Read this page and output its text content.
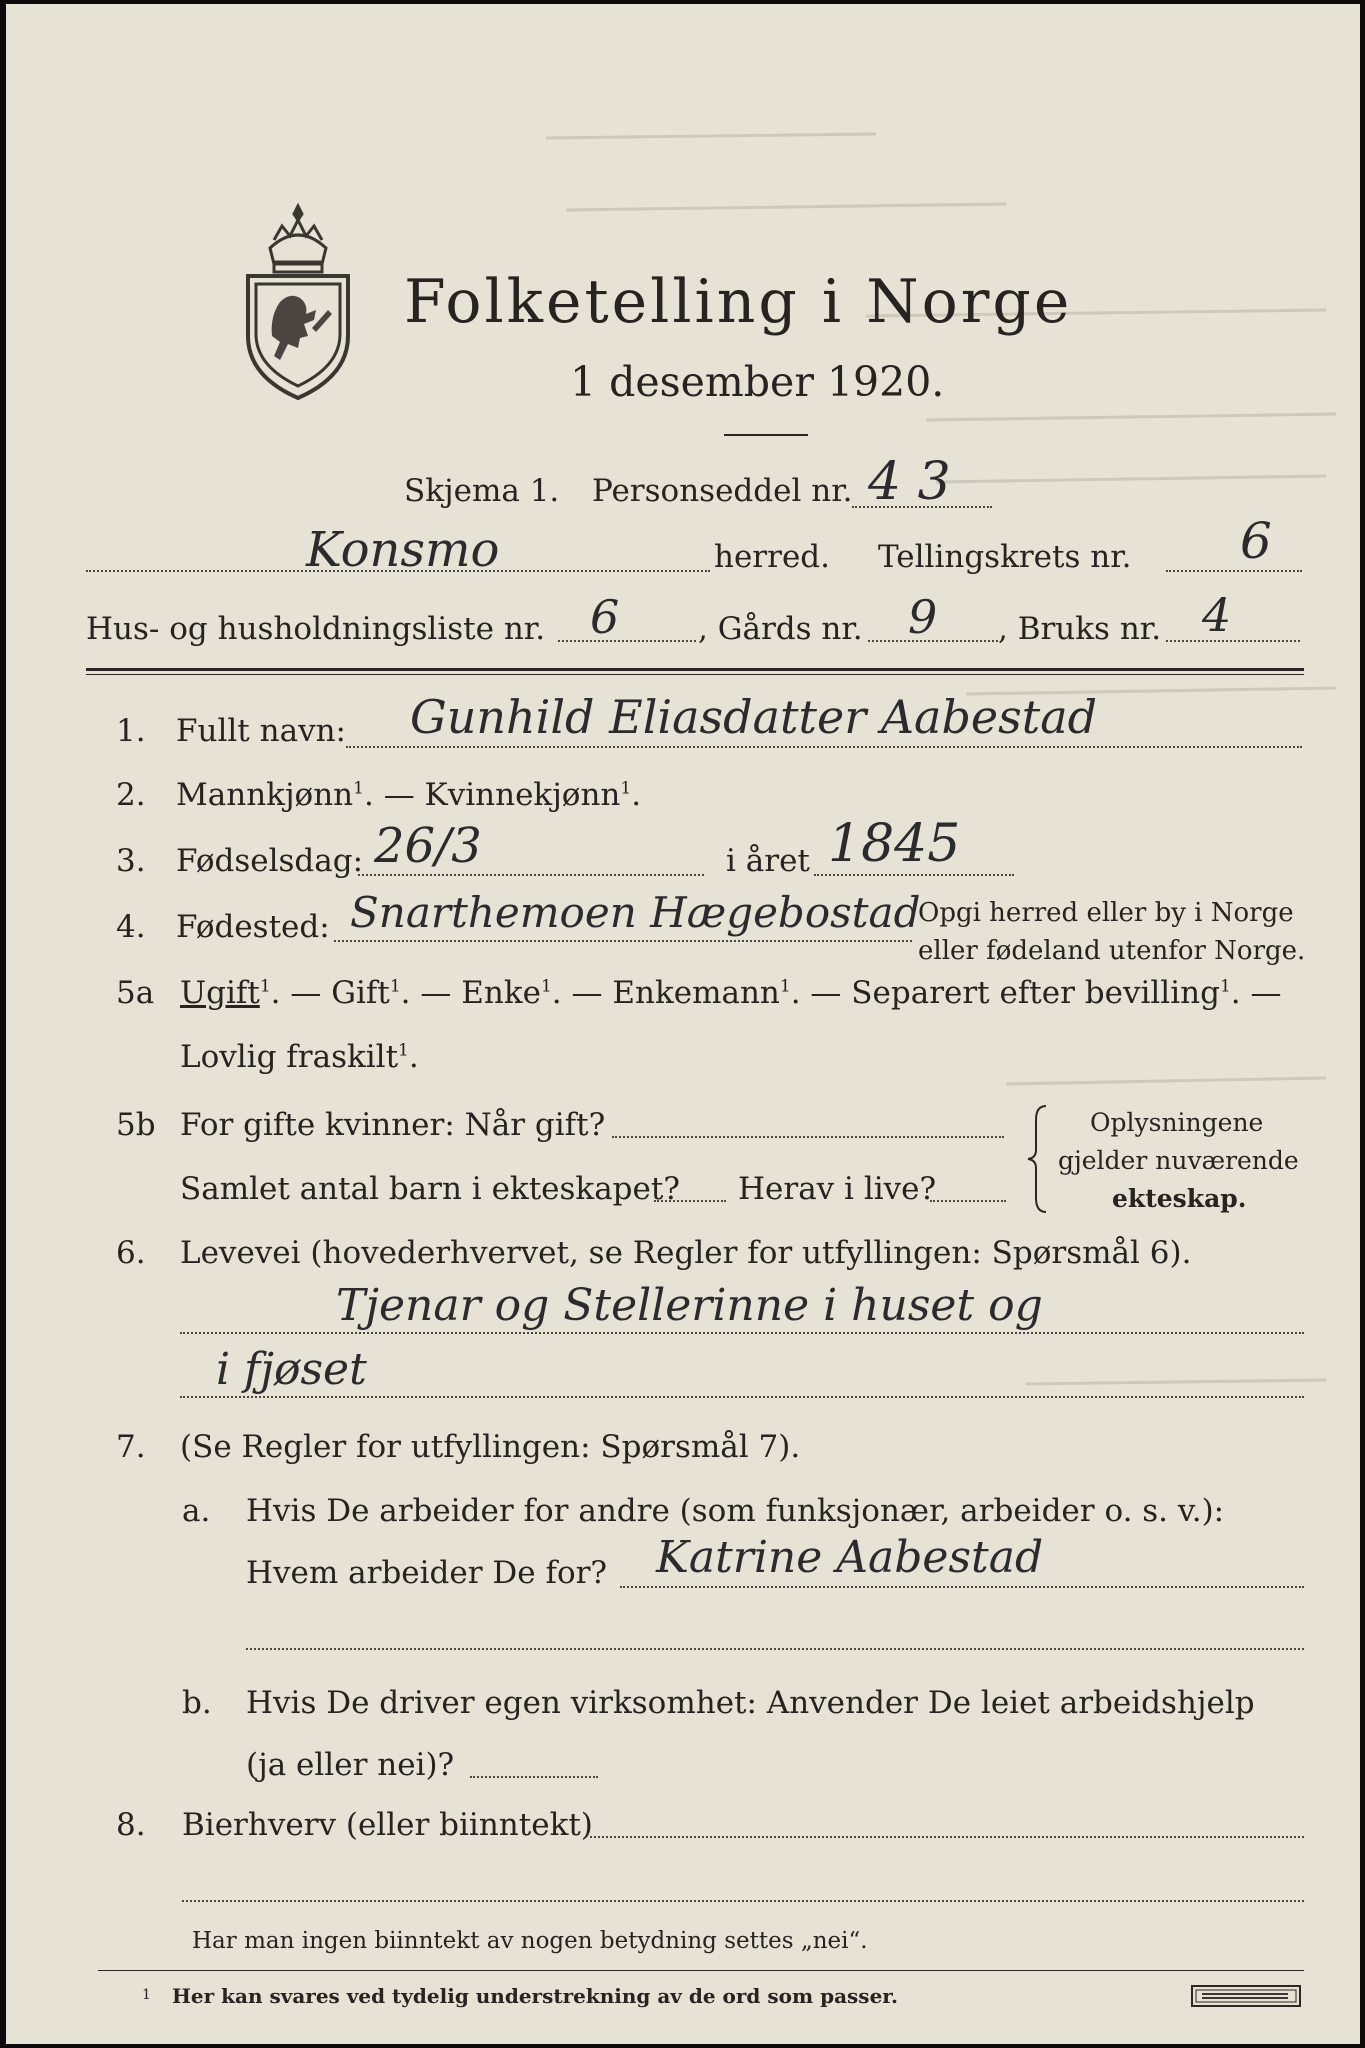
Folketelling i Norge
1 desember 1920.
Skjema 1. Personseddel nr. 4 3
Konsmo	herred. Tellingskrets nr. 6
Hus- og husholdningsliste nr. 6	, Gårds nr. 9 , Bruks nr. 4
1. Fullt navn: Gunhild Eliasdatter Aabestad
2. Mannkjønn$^1$. — Kvinnekjønn$^1$.
3. Fødselsdag: 26/3	i året 1845
4. Fødested: Snarthemoen Hægebostad
Opgi herred eller by i Norge
eller fødeland utenfor Norge.
5a Ugift$^1$. — Gift$^1$. — Enke$^1$. — Enkemann$^1$. — Separert efter bevilling$^1$. —
Lovlig fraskilt$^1$.
5b For gifte kvinner: Når gift?
Samlet antal barn i ekteskapet? Herav i live?
Oplysningene
gjelder nuværende
ekteskap.
6. Levevei (hovederhvervet, se Regler for utfyllingen: Spørsmål 6).
Tjenar og Stellerinne i huset og
i fjøset
7. (Se Regler for utfyllingen: Spørsmål 7).
a. Hvis De arbeider for andre (som funksjonær, arbeider o. s. v.):
Hvem arbeider De for? Katrine Aabestad
b. Hvis De driver egen virksomhet: Anvender De leiet arbeidshjelp
(ja eller nei)?
8. Bierhverv (eller biinntekt)
Har man ingen biinntekt av nogen betydning settes „nei“.
1 Her kan svares ved tydelig understrekning av de ord som passer.
